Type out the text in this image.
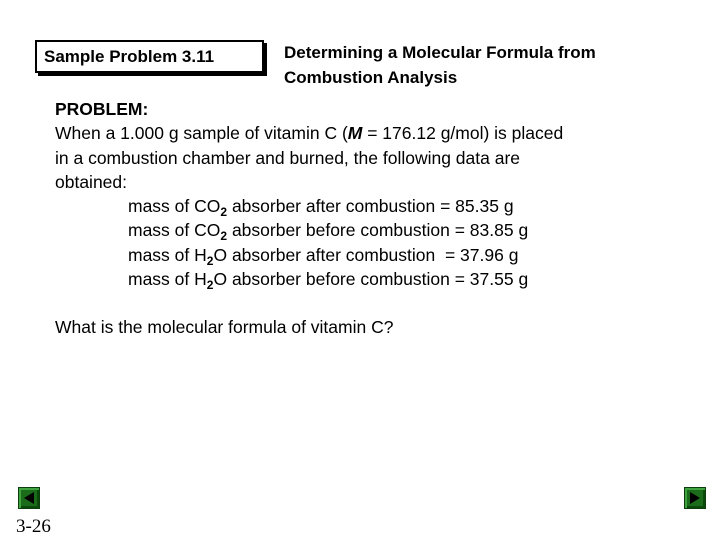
Sample Problem 3.11	Determining a Molecular Formula from
Combustion Analysis
PROBLEM:
When a 1.000 g sample of vitamin C (M = 176.12 g/mol) is placed
in a combustion chamber and burned, the following data are
obtained:
mass of $CO_2$ absorber after combustion = 85.35 g
mass of $CO_2$ absorber before combustion = 83.85 g
mass of $H_2O$ absorber after combustion  = 37.96 g
mass of $H_2O$ absorber before combustion = 37.55 g
What is the molecular formula of vitamin C?
3-26
